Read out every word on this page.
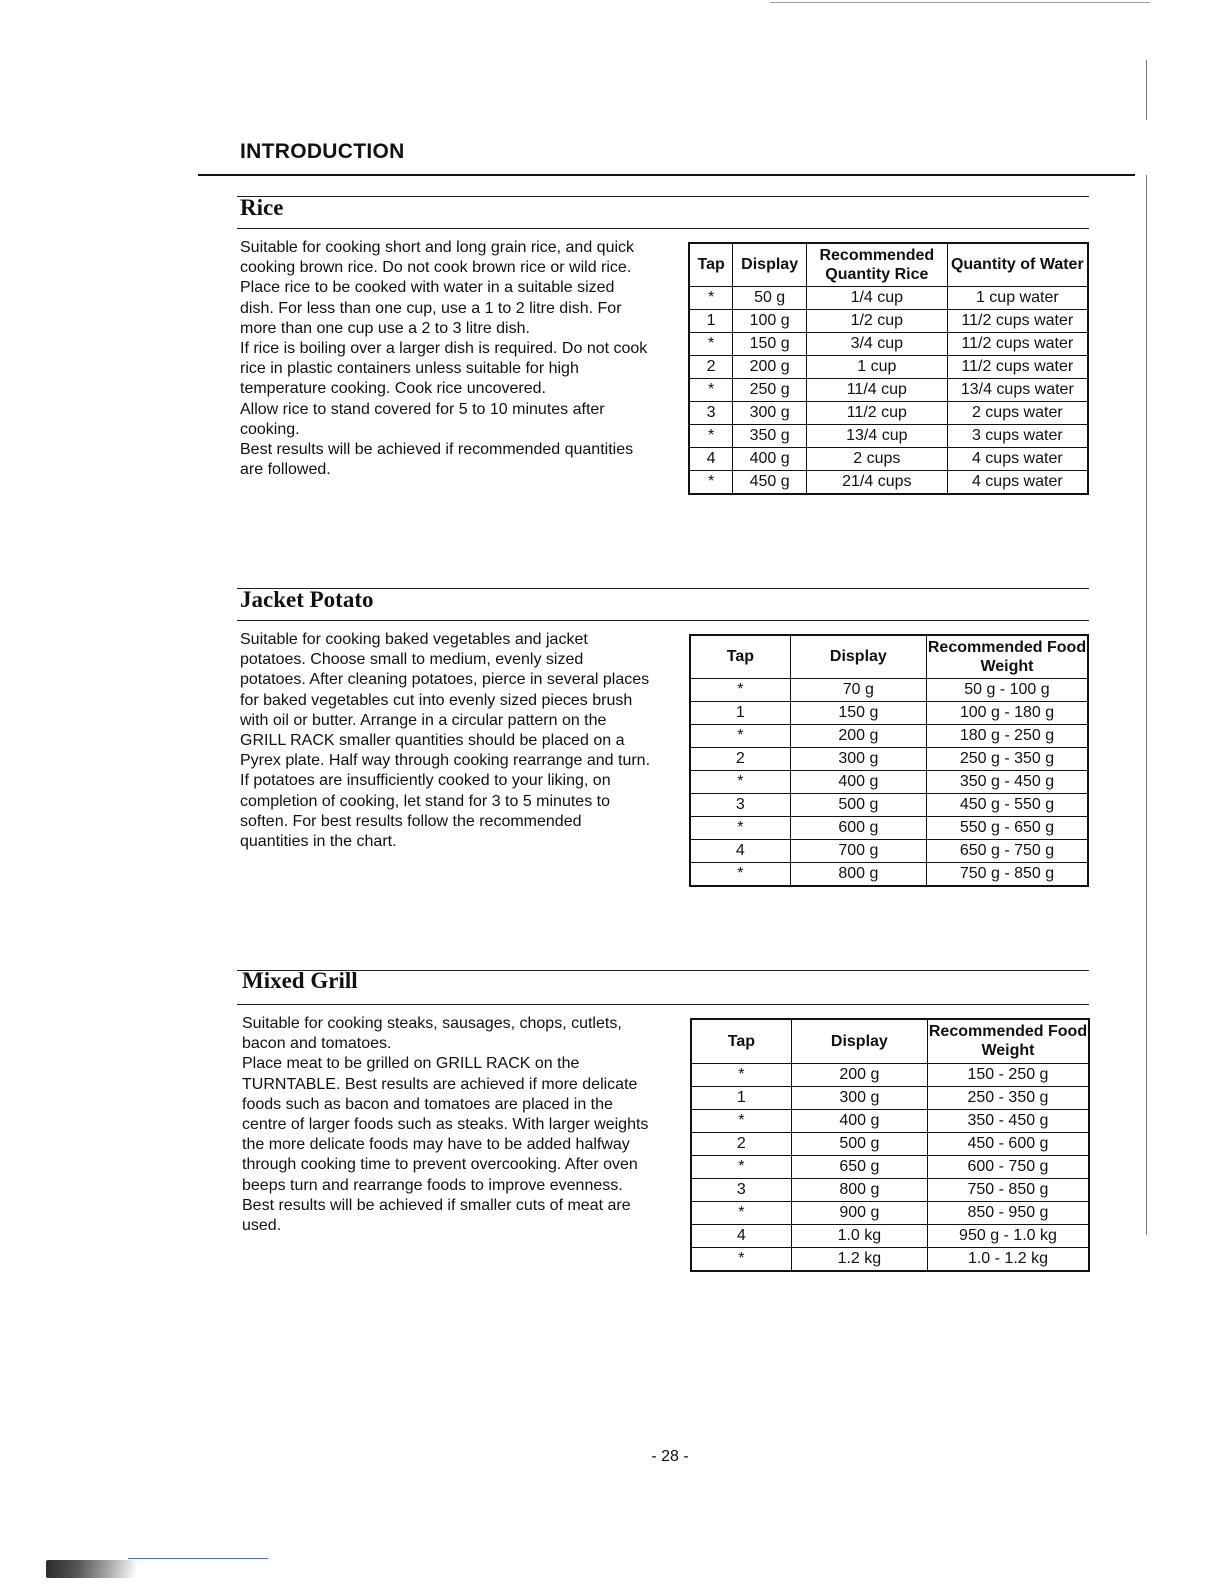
INTRODUCTION
Rice

Suitable for cooking short and long grain rice, and quick cooking brown rice. Do not cook brown rice or wild rice.

Place rice to be cooked with water in a suitable sized dish. For less than one cup, use a 1 to 2 litre dish. For more than one cup use a 2 to 3 litre dish.

If rice is boiling over a larger dish is required. Do not cook rice in plastic containers unless suitable for high temperature cooking. Cook rice uncovered.

Allow rice to stand covered for 5 to 10 minutes after cooking.

Best results will be achieved if recommended quantities are followed.

Tap	Display	Recommended Quantity Rice	Quantity of Water
*	50 g	1/4 cup	1 cup water
1	100 g	1/2 cup	11/2 cups water
*	150 g	3/4 cup	11/2 cups water
2	200 g	1 cup	11/2 cups water
*	250 g	11/4 cup	13/4 cups water
3	300 g	11/2 cup	2 cups water
*	350 g	13/4 cup	3 cups water
4	400 g	2 cups	4 cups water
*	450 g	21/4 cups	4 cups water
Jacket Potato

Suitable for cooking baked vegetables and jacket potatoes. Choose small to medium, evenly sized potatoes. After cleaning potatoes, pierce in several places for baked vegetables cut into evenly sized pieces brush with oil or butter. Arrange in a circular pattern on the GRILL RACK smaller quantities should be placed on a Pyrex plate. Half way through cooking rearrange and turn. If potatoes are insufficiently cooked to your liking, on completion of cooking, let stand for 3 to 5 minutes to soften. For best results follow the recommended quantities in the chart.

Tap	Display	Recommended Food Weight
*	70 g	50 g - 100 g
1	150 g	100 g - 180 g
*	200 g	180 g - 250 g
2	300 g	250 g - 350 g
*	400 g	350 g - 450 g
3	500 g	450 g - 550 g
*	600 g	550 g - 650 g
4	700 g	650 g - 750 g
*	800 g	750 g - 850 g
Mixed Grill

Suitable for cooking steaks, sausages, chops, cutlets, bacon and tomatoes.

Place meat to be grilled on GRILL RACK on the TURNTABLE. Best results are achieved if more delicate foods such as bacon and tomatoes are placed in the centre of larger foods such as steaks. With larger weights the more delicate foods may have to be added halfway through cooking time to prevent overcooking. After oven beeps turn and rearrange foods to improve evenness.

Best results will be achieved if smaller cuts of meat are used.

Tap	Display	Recommended Food Weight
*	200 g	150 - 250 g
1	300 g	250 - 350 g
*	400 g	350 - 450 g
2	500 g	450 - 600 g
*	650 g	600 - 750 g
3	800 g	750 - 850 g
*	900 g	850 - 950 g
4	1.0 kg	950 g - 1.0 kg
*	1.2 kg	1.0 - 1.2 kg
- 28 -
